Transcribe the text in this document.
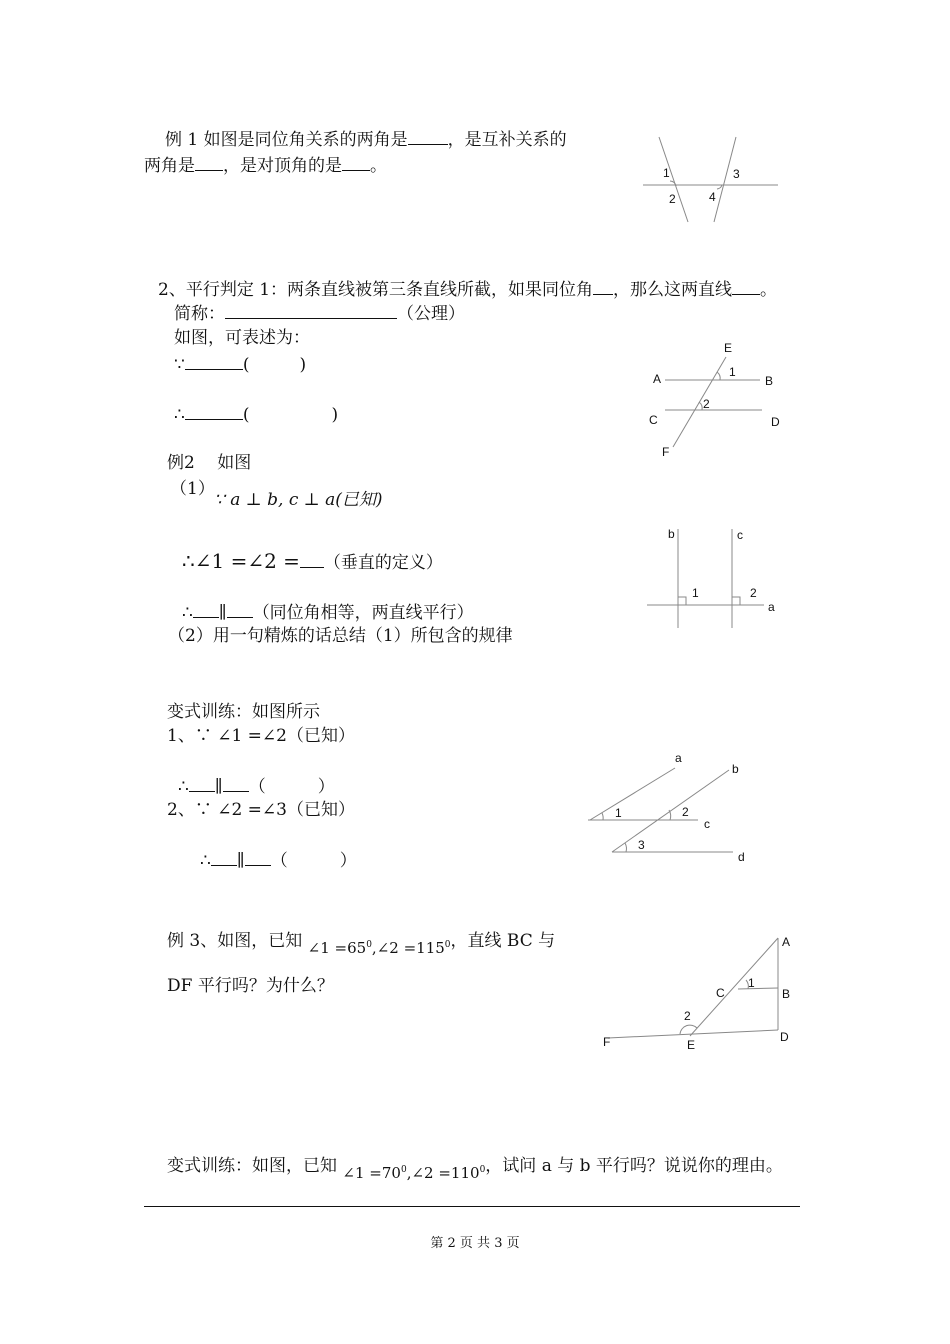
例 1 如图是同位角关系的两角是 ，是互补关系的
两角是 ，是对顶角的是 。
2、平行判定 1：两条直线被第三条直线所截，如果同位角 ，那么这两直线 。
简称：	（公理）
如图，可表述为：
∵	(	)
∴	(	)
例2　 如图
（1）
∵ a ⊥ b, c ⊥ a(已知)
∴∠1 =∠2 = （垂直的定义）
∴ ∥ （同位角相等，两直线平行）
（2）用一句精炼的话总结（1）所包含的规律
变式训练：如图所示
1、∵ ∠1 =∠2（已知）
∴ ∥ （	）
2、∵ ∠2 =∠3（已知）
∴ ∥ （	）
例 3、如图，已知 ∠1 $=65^0,\angle 2 =115^0$，直线 BC 与
DF 平行吗？为什么？
变式训练：如图，已知 ∠1 $=70^0,\angle 2 =110^0$，试问 a 与 b 平行吗？说说你的理由。
1
2
3
4
E
A	1
B
2
C	D
F
b	c
1	2
a
a
b
1	2
c
3
d
A
1
C	B
2
F	E
D
第 2 页 共 3 页
